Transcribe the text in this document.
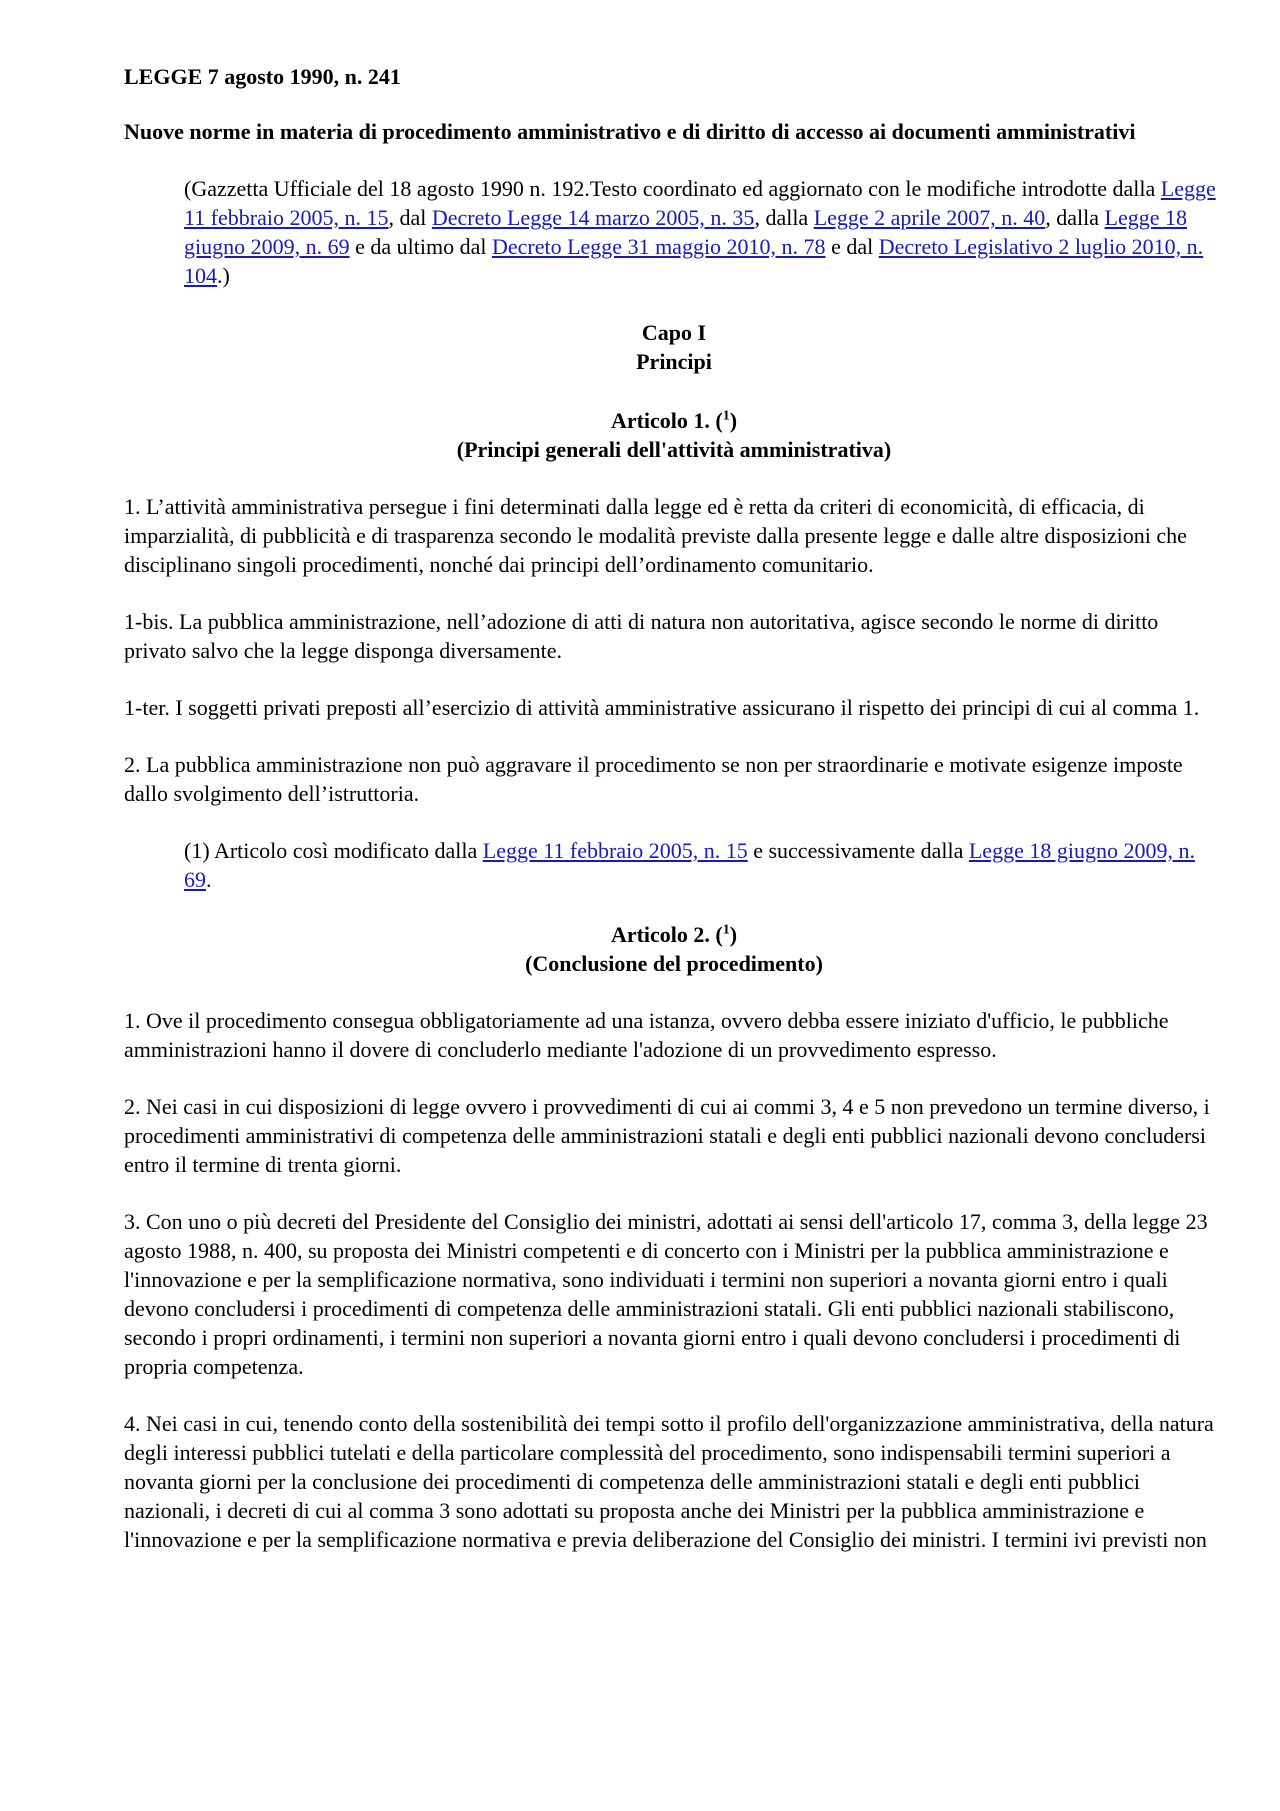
LEGGE 7 agosto 1990, n. 241
Nuove norme in materia di procedimento amministrativo e di diritto di accesso ai documenti amministrativi
(Gazzetta Ufficiale del 18 agosto 1990 n. 192.Testo coordinato ed aggiornato con le modifiche introdotte dalla Legge 11 febbraio 2005, n. 15, dal Decreto Legge 14 marzo 2005, n. 35, dalla Legge 2 aprile 2007, n. 40, dalla Legge 18 giugno 2009, n. 69 e da ultimo dal Decreto Legge 31 maggio 2010, n. 78 e dal Decreto Legislativo 2 luglio 2010, n. 104.)
Capo I
Principi
Articolo 1. ($^1$)
(Principi generali dell'attività amministrativa)

1. L’attività amministrativa persegue i fini determinati dalla legge ed è retta da criteri di economicità, di efficacia, di imparzialità, di pubblicità e di trasparenza secondo le modalità previste dalla presente legge e dalle altre disposizioni che disciplinano singoli procedimenti, nonché dai principi dell’ordinamento comunitario.

1-bis. La pubblica amministrazione, nell’adozione di atti di natura non autoritativa, agisce secondo le norme di diritto privato salvo che la legge disponga diversamente.

1-ter. I soggetti privati preposti all’esercizio di attività amministrative assicurano il rispetto dei principi di cui al comma 1.

2. La pubblica amministrazione non può aggravare il procedimento se non per straordinarie e motivate esigenze imposte dallo svolgimento dell’istruttoria.

(1) Articolo così modificato dalla Legge 11 febbraio 2005, n. 15 e successivamente dalla Legge 18 giugno 2009, n. 69.
Articolo 2. ($^1$)
(Conclusione del procedimento)

1. Ove il procedimento consegua obbligatoriamente ad una istanza, ovvero debba essere iniziato d'ufficio, le pubbliche amministrazioni hanno il dovere di concluderlo mediante l'adozione di un provvedimento espresso.

2. Nei casi in cui disposizioni di legge ovvero i provvedimenti di cui ai commi 3, 4 e 5 non prevedono un termine diverso, i procedimenti amministrativi di competenza delle amministrazioni statali e degli enti pubblici nazionali devono concludersi entro il termine di trenta giorni.

3. Con uno o più decreti del Presidente del Consiglio dei ministri, adottati ai sensi dell'articolo 17, comma 3, della legge 23 agosto 1988, n. 400, su proposta dei Ministri competenti e di concerto con i Ministri per la pubblica amministrazione e l'innovazione e per la semplificazione normativa, sono individuati i termini non superiori a novanta giorni entro i quali devono concludersi i procedimenti di competenza delle amministrazioni statali. Gli enti pubblici nazionali stabiliscono, secondo i propri ordinamenti, i termini non superiori a novanta giorni entro i quali devono concludersi i procedimenti di propria competenza.

4. Nei casi in cui, tenendo conto della sostenibilità dei tempi sotto il profilo dell'organizzazione amministrativa, della natura degli interessi pubblici tutelati e della particolare complessità del procedimento, sono indispensabili termini superiori a novanta giorni per la conclusione dei procedimenti di competenza delle amministrazioni statali e degli enti pubblici nazionali, i decreti di cui al comma 3 sono adottati su proposta anche dei Ministri per la pubblica amministrazione e l'innovazione e per la semplificazione normativa e previa deliberazione del Consiglio dei ministri. I termini ivi previsti non
